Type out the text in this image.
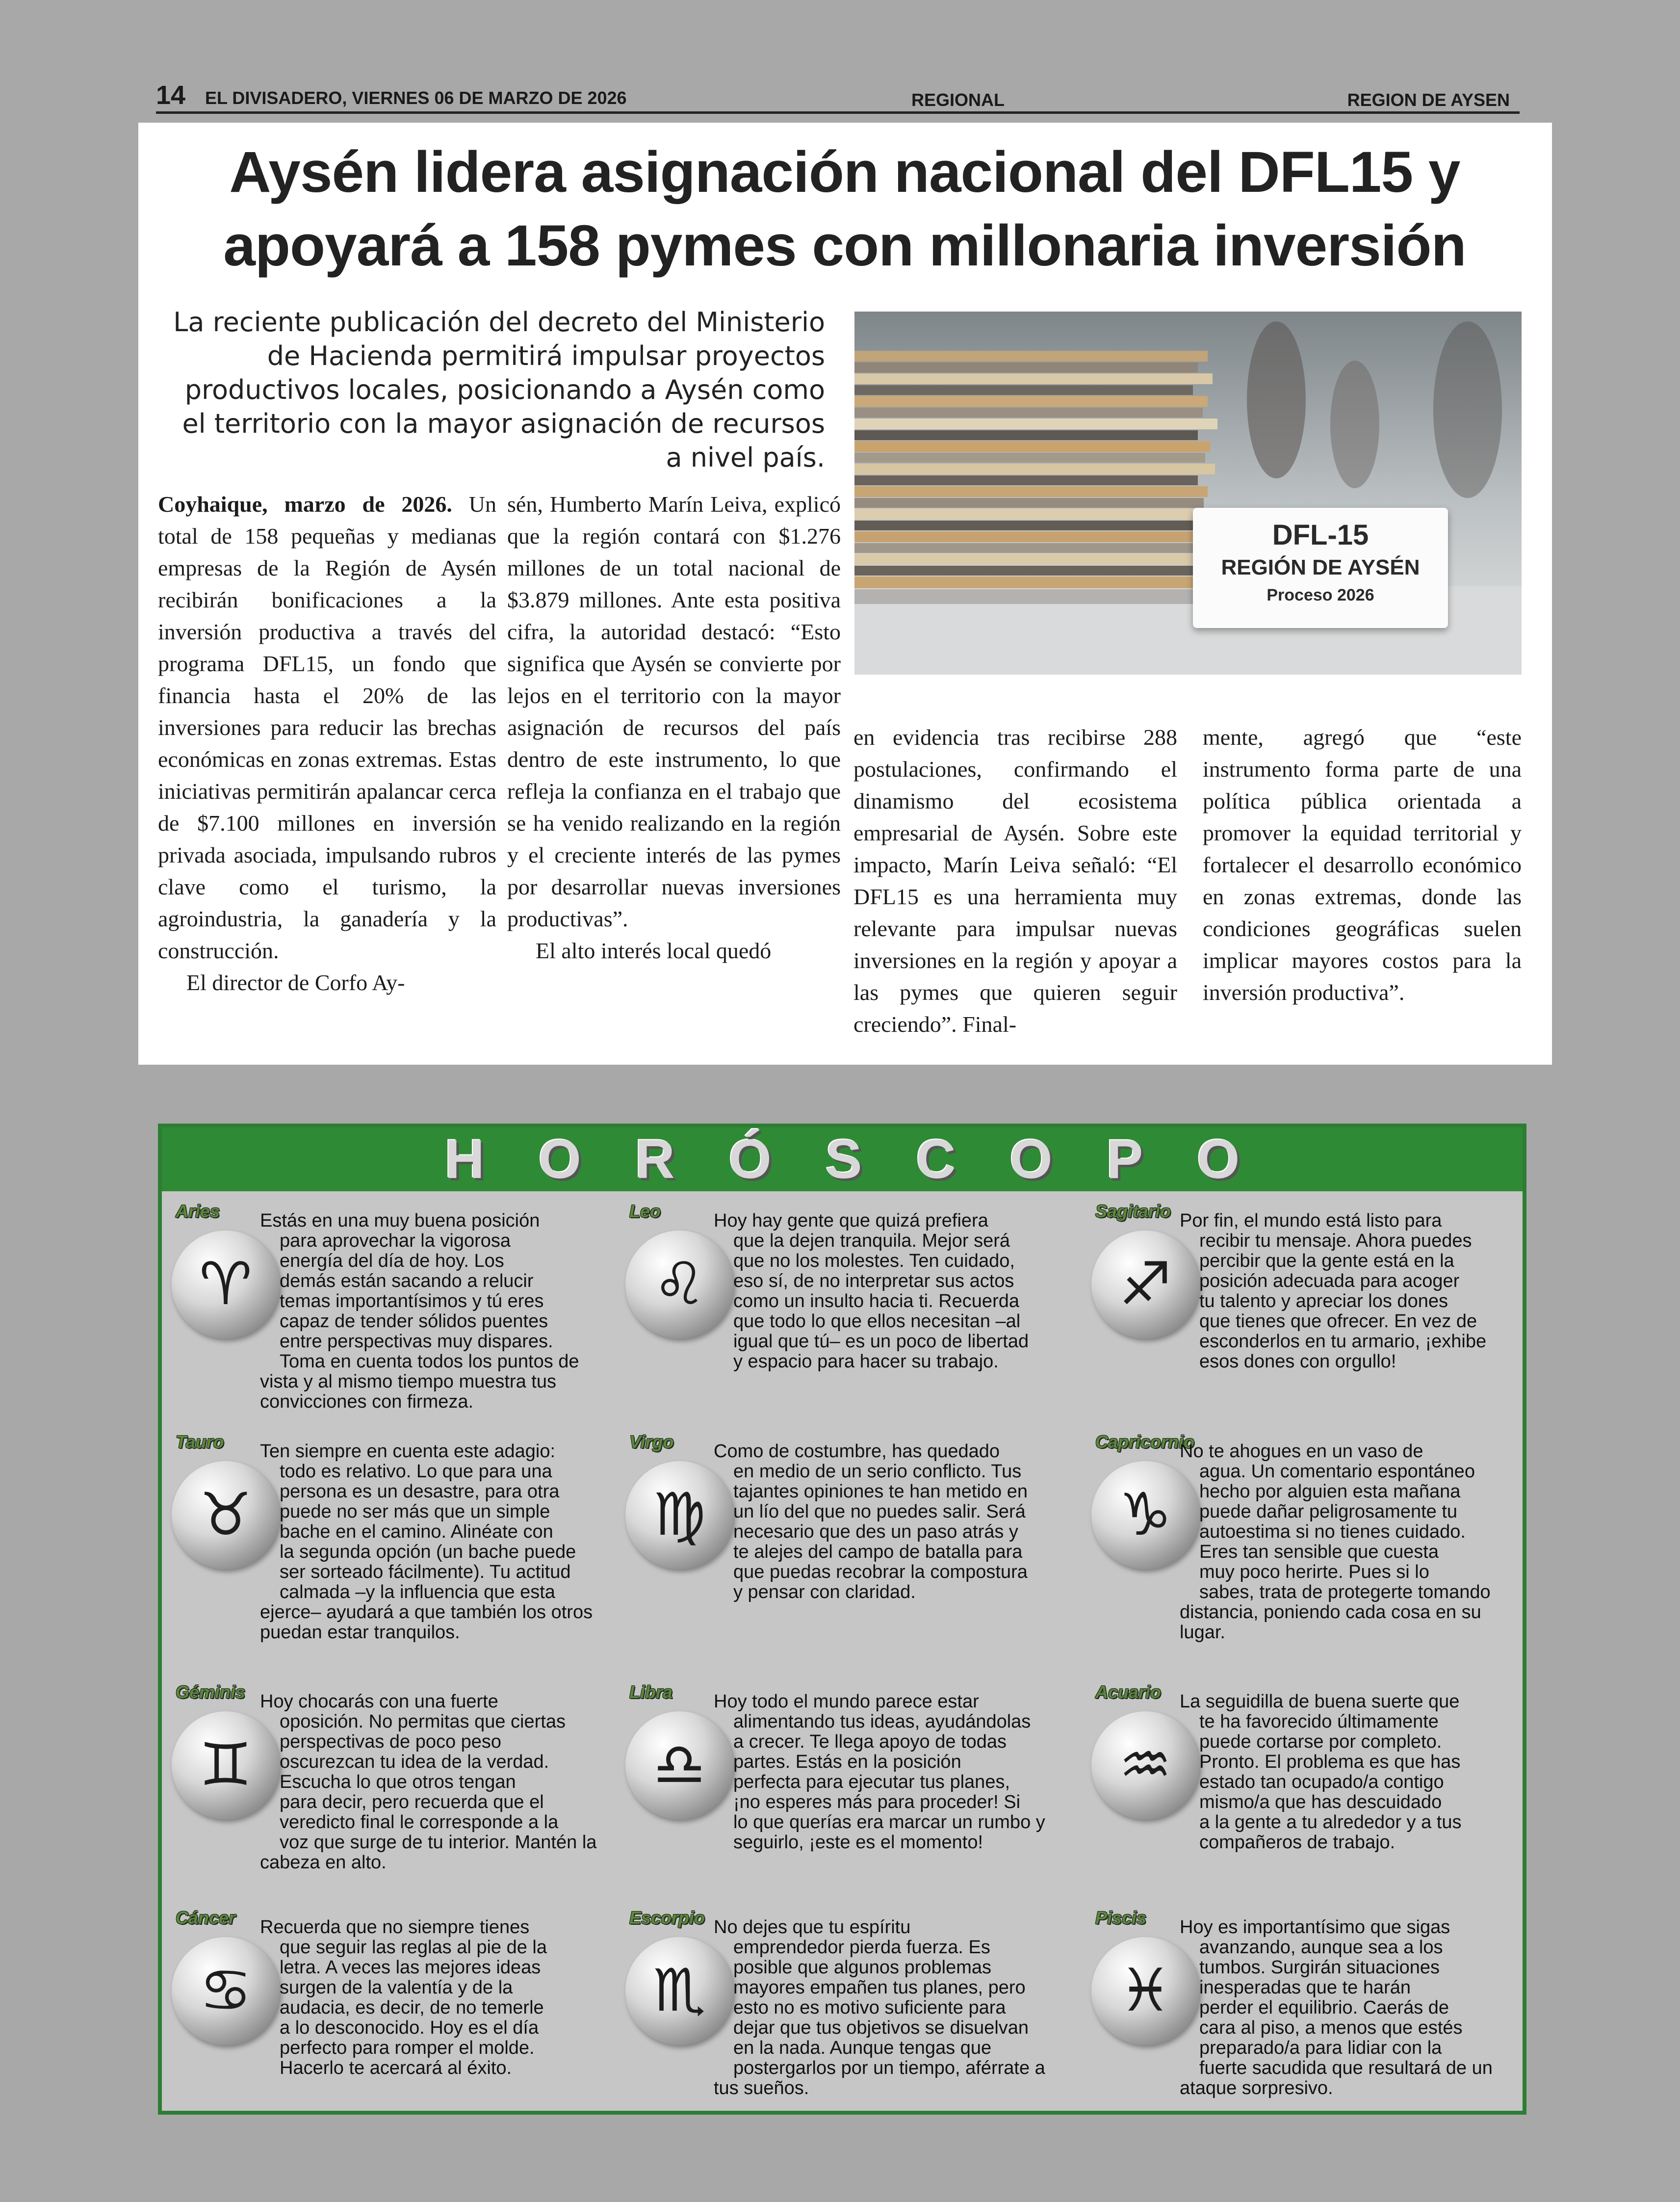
14 EL DIVISADERO, VIERNES 06 DE MARZO DE 2026	REGIONAL	REGION DE AYSEN
Aysén lidera asignación nacional del DFL15 y
apoyará a 158 pymes con millonaria inversión
La reciente publicación del decreto del Ministerio de Hacienda permitirá impulsar proyectos productivos locales, posicionando a Aysén como el territorio con la mayor asignación de recursos a nivel país.
DFL-15
REGIÓN DE AYSÉN
Proceso 2026

Coyhaique, marzo de 2026. Un total de 158 pequeñas y medianas empresas de la Región de Aysén recibirán bonificaciones a la inversión productiva a través del programa DFL15, un fondo que financia hasta el 20% de las inversiones para reducir las brechas económicas en zonas extremas. Estas iniciativas permitirán apalancar cerca de $7.100 millones en inversión privada asociada, impulsando rubros clave como el turismo, la agroindustria, la ganadería y la construcción.

El director de Corfo Ay-

sén, Humberto Marín Leiva, explicó que la región contará con $1.276 millones de un total nacional de $3.879 millones. Ante esta positiva cifra, la autoridad destacó: “Esto significa que Aysén se convierte por lejos en el territorio con la mayor asignación de recursos del país dentro de este instrumento, lo que refleja la confianza en el trabajo que se ha venido realizando en la región y el creciente interés de las pymes por desarrollar nuevas inversiones productivas”.

El alto interés local quedó

en evidencia tras recibirse 288 postulaciones, confirmando el dinamismo del ecosistema empresarial de Aysén. Sobre este impacto, Marín Leiva señaló: “El DFL15 es una herramienta muy relevante para impulsar nuevas inversiones en la región y apoyar a las pymes que quieren seguir creciendo”. Final-

mente, agregó que “este instrumento forma parte de una política pública orientada a promover la equidad territorial y fortalecer el desarrollo económico en zonas extremas, donde las condiciones geográficas suelen implicar mayores costos para la inversión productiva”.

HORÓSCOPO
Aries
♈
Estás en una muy buena posición
para aprovechar la vigorosa
energía del día de hoy. Los
demás están sacando a relucir
temas importantísimos y tú eres
capaz de tender sólidos puentes
entre perspectivas muy dispares.
Toma en cuenta todos los puntos de
vista y al mismo tiempo muestra tus
convicciones con firmeza.
Leo
♌
Hoy hay gente que quizá prefiera
que la dejen tranquila. Mejor será
que no los molestes. Ten cuidado,
eso sí, de no interpretar sus actos
como un insulto hacia ti. Recuerda
que todo lo que ellos necesitan –al
igual que tú– es un poco de libertad
y espacio para hacer su trabajo.
Sagitario
♐
Por fin, el mundo está listo para
recibir tu mensaje. Ahora puedes
percibir que la gente está en la
posición adecuada para acoger
tu talento y apreciar los dones
que tienes que ofrecer. En vez de
esconderlos en tu armario, ¡exhibe
esos dones con orgullo!
Tauro
♉
Ten siempre en cuenta este adagio:
todo es relativo. Lo que para una
persona es un desastre, para otra
puede no ser más que un simple
bache en el camino. Alinéate con
la segunda opción (un bache puede
ser sorteado fácilmente). Tu actitud
calmada –y la influencia que esta
ejerce– ayudará a que también los otros
puedan estar tranquilos.
Virgo
♍
Como de costumbre, has quedado
en medio de un serio conflicto. Tus
tajantes opiniones te han metido en
un lío del que no puedes salir. Será
necesario que des un paso atrás y
te alejes del campo de batalla para
que puedas recobrar la compostura
y pensar con claridad.
Capricornio
♑
No te ahogues en un vaso de
agua. Un comentario espontáneo
hecho por alguien esta mañana
puede dañar peligrosamente tu
autoestima si no tienes cuidado.
Eres tan sensible que cuesta
muy poco herirte. Pues si lo
sabes, trata de protegerte tomando
distancia, poniendo cada cosa en su
lugar.
Géminis
♊
Hoy chocarás con una fuerte
oposición. No permitas que ciertas
perspectivas de poco peso
oscurezcan tu idea de la verdad.
Escucha lo que otros tengan
para decir, pero recuerda que el
veredicto final le corresponde a la
voz que surge de tu interior. Mantén la
cabeza en alto.
Libra
♎
Hoy todo el mundo parece estar
alimentando tus ideas, ayudándolas
a crecer. Te llega apoyo de todas
partes. Estás en la posición
perfecta para ejecutar tus planes,
¡no esperes más para proceder! Si
lo que querías era marcar un rumbo y
seguirlo, ¡este es el momento!
Acuario
♒
La seguidilla de buena suerte que
te ha favorecido últimamente
puede cortarse por completo.
Pronto. El problema es que has
estado tan ocupado/a contigo
mismo/a que has descuidado
a la gente a tu alrededor y a tus
compañeros de trabajo.
Cáncer
♋
Recuerda que no siempre tienes
que seguir las reglas al pie de la
letra. A veces las mejores ideas
surgen de la valentía y de la
audacia, es decir, de no temerle
a lo desconocido. Hoy es el día
perfecto para romper el molde.
Hacerlo te acercará al éxito.
Escorpio
♏
No dejes que tu espíritu
emprendedor pierda fuerza. Es
posible que algunos problemas
mayores empañen tus planes, pero
esto no es motivo suficiente para
dejar que tus objetivos se disuelvan
en la nada. Aunque tengas que
postergarlos por un tiempo, aférrate a
tus sueños.
Piscis
♓
Hoy es importantísimo que sigas
avanzando, aunque sea a los
tumbos. Surgirán situaciones
inesperadas que te harán
perder el equilibrio. Caerás de
cara al piso, a menos que estés
preparado/a para lidiar con la
fuerte sacudida que resultará de un
ataque sorpresivo.
